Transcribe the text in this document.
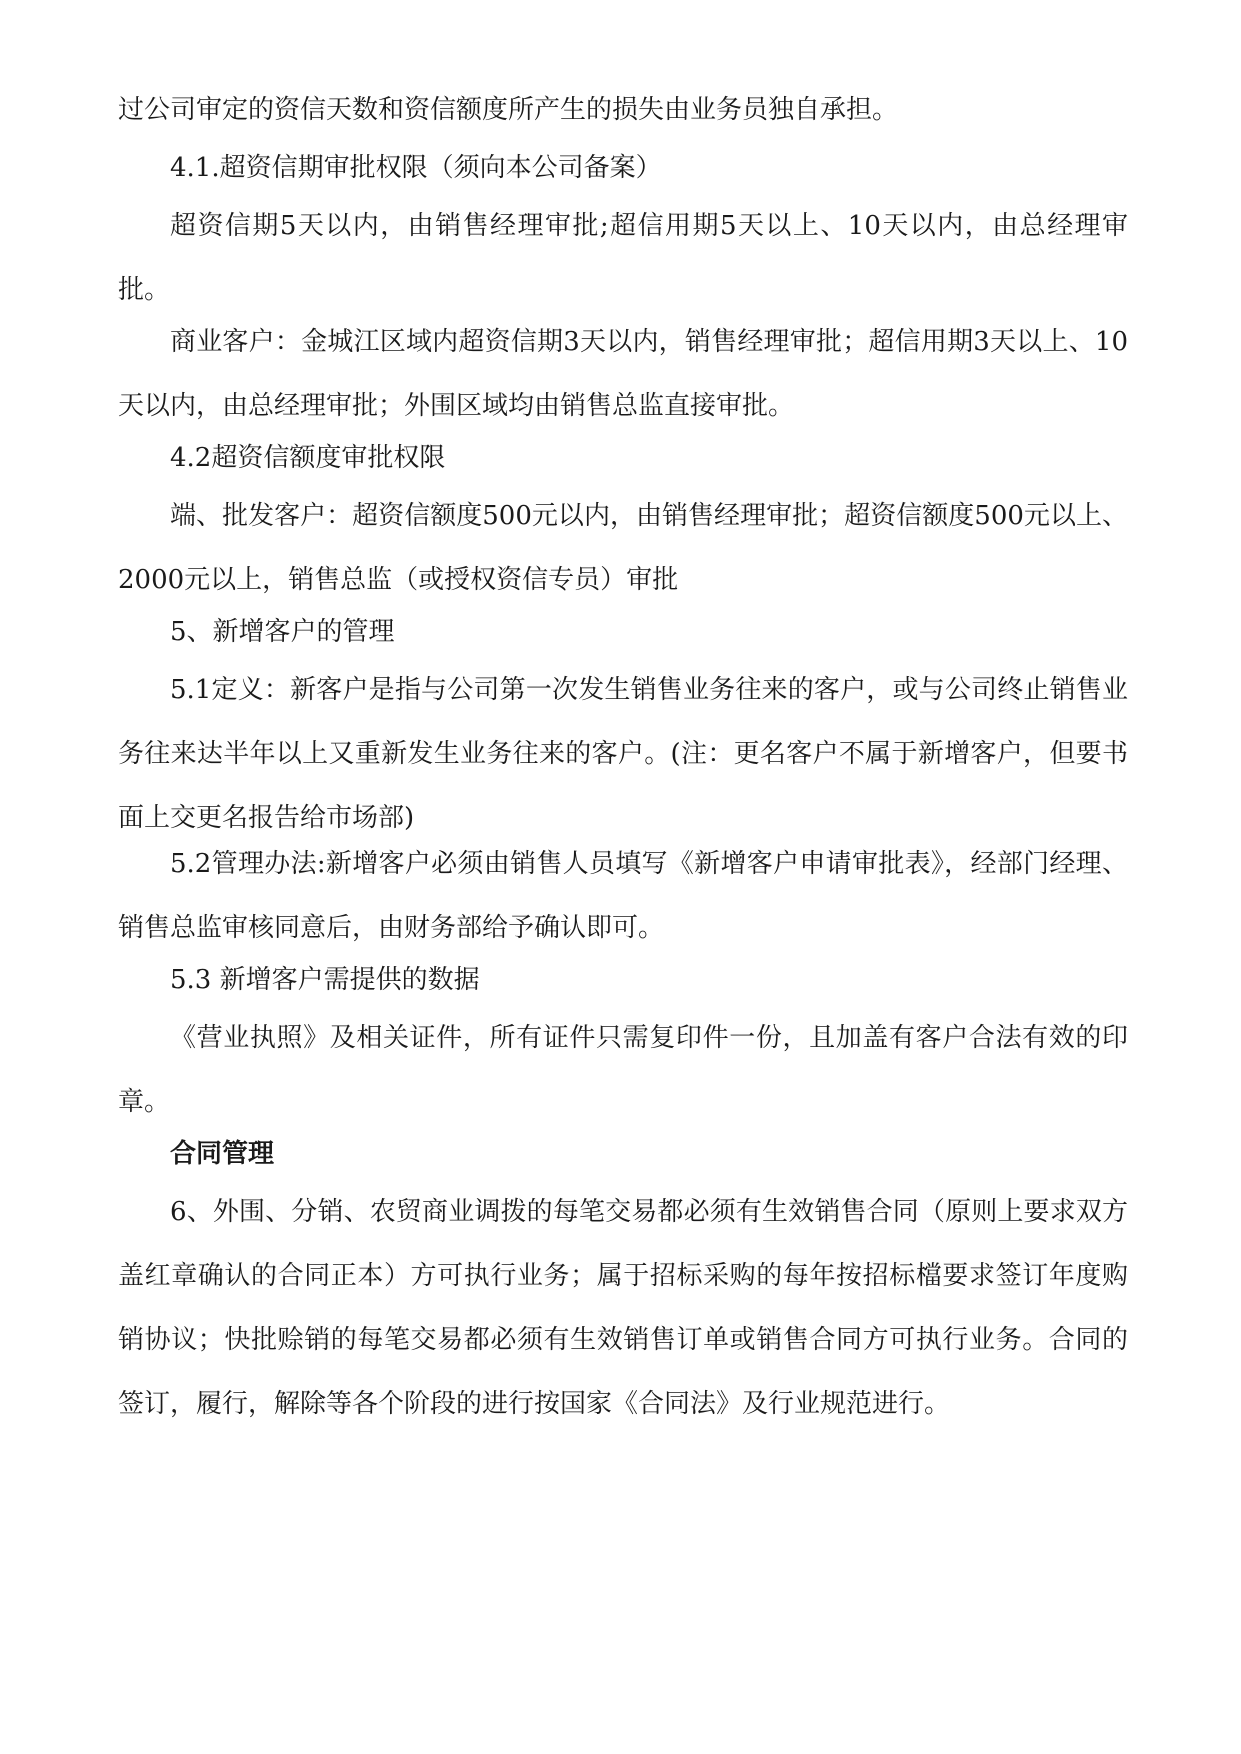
过公司审定的资信天数和资信额度所产生的损失由业务员独自承担。

4.1.超资信期审批权限（须向本公司备案）

超资信期5天以内，由销售经理审批;超信用期5天以上、10天以内，由总经理审批。

商业客户：金城江区域内超资信期3天以内，销售经理审批；超信用期3天以上、10天以内，由总经理审批；外围区域均由销售总监直接审批。

4.2超资信额度审批权限

端、批发客户：超资信额度500元以内，由销售经理审批；超资信额度500元以上、2000元以上，销售总监（或授权资信专员）审批

5、新增客户的管理

5.1定义：新客户是指与公司第一次发生销售业务往来的客户，或与公司终止销售业务往来达半年以上又重新发生业务往来的客户。(注：更名客户不属于新增客户，但要书面上交更名报告给市场部)

5.2管理办法:新增客户必须由销售人员填写《新增客户申请审批表》，经部门经理、销售总监审核同意后，由财务部给予确认即可。

5.3 新增客户需提供的数据

《营业执照》及相关证件，所有证件只需复印件一份，且加盖有客户合法有效的印章。

合同管理

6、外围、分销、农贸商业调拨的每笔交易都必须有生效销售合同（原则上要求双方盖红章确认的合同正本）方可执行业务；属于招标采购的每年按招标檔要求签订年度购销协议；快批赊销的每笔交易都必须有生效销售订单或销售合同方可执行业务。合同的签订，履行，解除等各个阶段的进行按国家《合同法》及行业规范进行。
